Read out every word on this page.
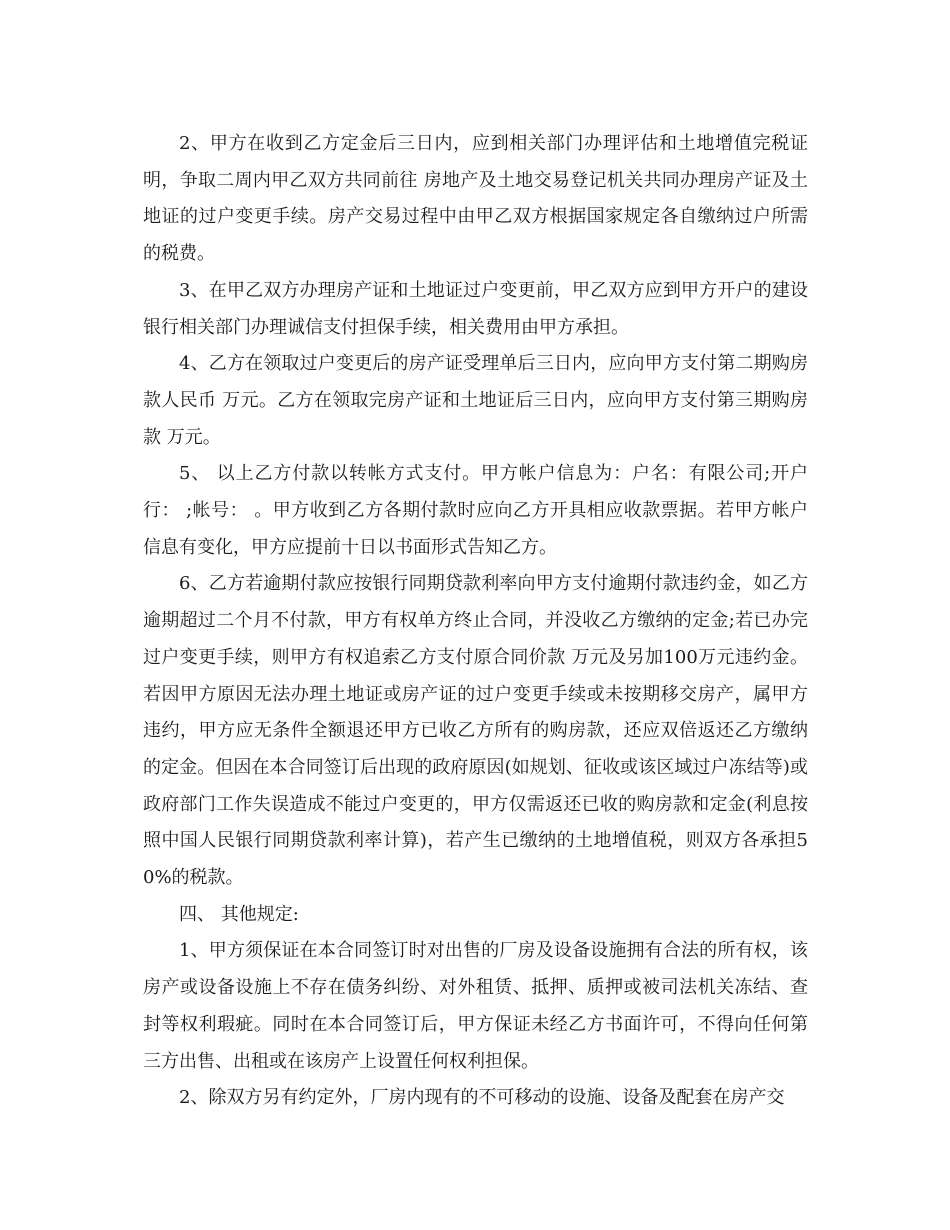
2、甲方在收到乙方定金后三日内，应到相关部门办理评估和土地增值完税证明，争取二周内甲乙双方共同前往 房地产及土地交易登记机关共同办理房产证及土地证的过户变更手续。房产交易过程中由甲乙双方根据国家规定各自缴纳过户所需的税费。

3、在甲乙双方办理房产证和土地证过户变更前，甲乙双方应到甲方开户的建设银行相关部门办理诚信支付担保手续，相关费用由甲方承担。

4、乙方在领取过户变更后的房产证受理单后三日内，应向甲方支付第二期购房款人民币 万元。乙方在领取完房产证和土地证后三日内，应向甲方支付第三期购房款 万元。

5、 以上乙方付款以转帐方式支付。甲方帐户信息为：户名：有限公司;开户行： ;帐号： 。甲方收到乙方各期付款时应向乙方开具相应收款票据。若甲方帐户信息有变化，甲方应提前十日以书面形式告知乙方。

6、乙方若逾期付款应按银行同期贷款利率向甲方支付逾期付款违约金，如乙方逾期超过二个月不付款，甲方有权单方终止合同，并没收乙方缴纳的定金;若已办完过户变更手续，则甲方有权追索乙方支付原合同价款 万元及另加100万元违约金。若因甲方原因无法办理土地证或房产证的过户变更手续或未按期移交房产，属甲方违约，甲方应无条件全额退还甲方已收乙方所有的购房款，还应双倍返还乙方缴纳的定金。但因在本合同签订后出现的政府原因(如规划、征收或该区域过户冻结等)或政府部门工作失误造成不能过户变更的，甲方仅需返还已收的购房款和定金(利息按照中国人民银行同期贷款利率计算)，若产生已缴纳的土地增值税，则双方各承担50%的税款。

四、 其他规定:

1、甲方须保证在本合同签订时对出售的厂房及设备设施拥有合法的所有权，该房产或设备设施上不存在债务纠纷、对外租赁、抵押、质押或被司法机关冻结、查封等权利瑕疵。同时在本合同签订后，甲方保证未经乙方书面许可，不得向任何第三方出售、出租或在该房产上设置任何权利担保。

2、除双方另有约定外，厂房内现有的不可移动的设施、设备及配套在房产交
